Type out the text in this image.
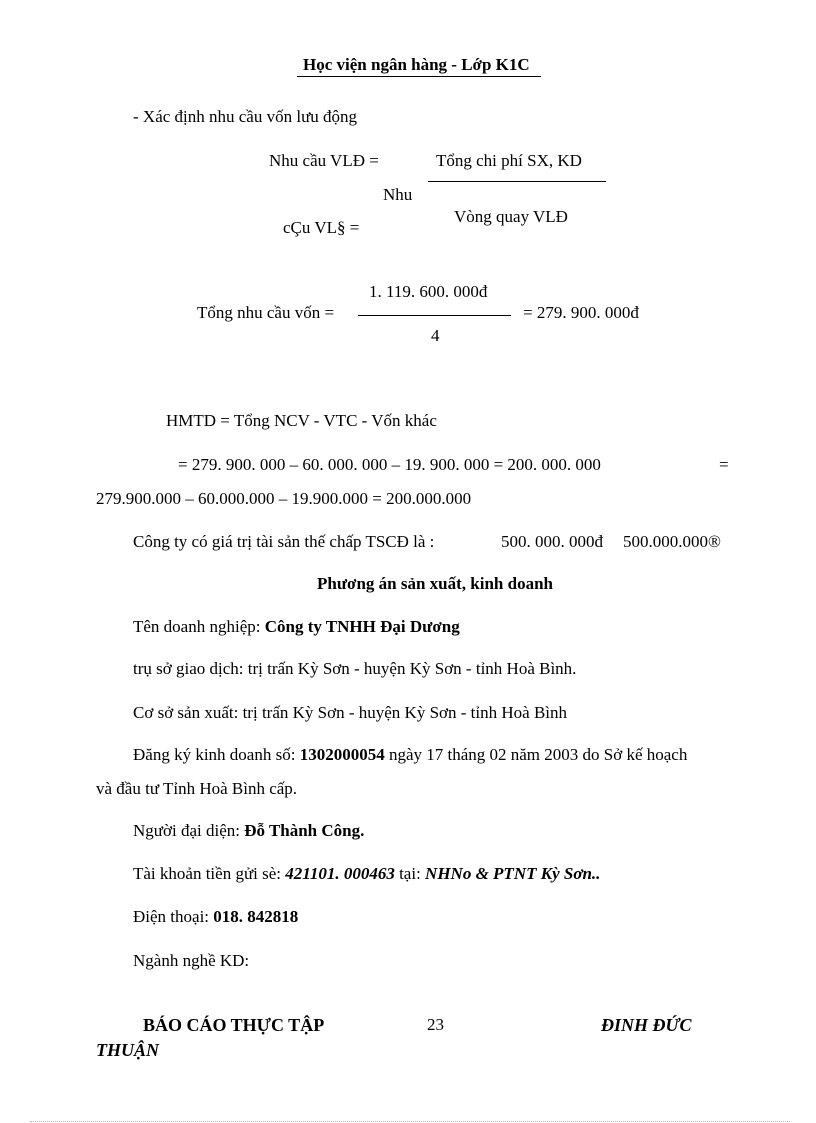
Học viện ngân hàng - Lớp K1C
- Xác định nhu cầu vốn lưu động
Nhu cầu VLĐ =	Tổng chi phí SX, KD
Nhu
Vòng quay VLĐ
cÇu VL§ =
1. 119. 600. 000đ
Tổng nhu cầu vốn =	= 279. 900. 000đ
4
HMTD = Tổng NCV - VTC - Vốn khác
= 279. 900. 000 – 60. 000. 000 – 19. 900. 000 = 200. 000. 000	=
279.900.000 – 60.000.000 – 19.900.000 = 200.000.000
Công ty có giá trị tài sản thế chấp TSCĐ là :	500. 000. 000đ 500.000.000®
Phương án sản xuất, kinh doanh
Tên doanh nghiệp: Công ty TNHH Đại Dương
trụ sở giao dịch: trị trấn Kỳ Sơn - huyện Kỳ Sơn - tỉnh Hoà Bình.
Cơ sở sản xuất: trị trấn Kỳ Sơn - huyện Kỳ Sơn - tỉnh Hoà Bình
Đăng ký kinh doanh số: 1302000054 ngày 17 tháng 02 năm 2003 do Sở kế hoạch
và đầu tư Tỉnh Hoà Bình cấp.
Người đại diện: Đỗ Thành Công.
Tài khoản tiền gửi sè: 421101. 000463 tại: NHNo & PTNT Kỳ Sơn..
Điện thoại: 018. 842818
Ngành nghề KD:
BÁO CÁO THỰC TẬP	23	ĐINH ĐỨC
THUẬN
